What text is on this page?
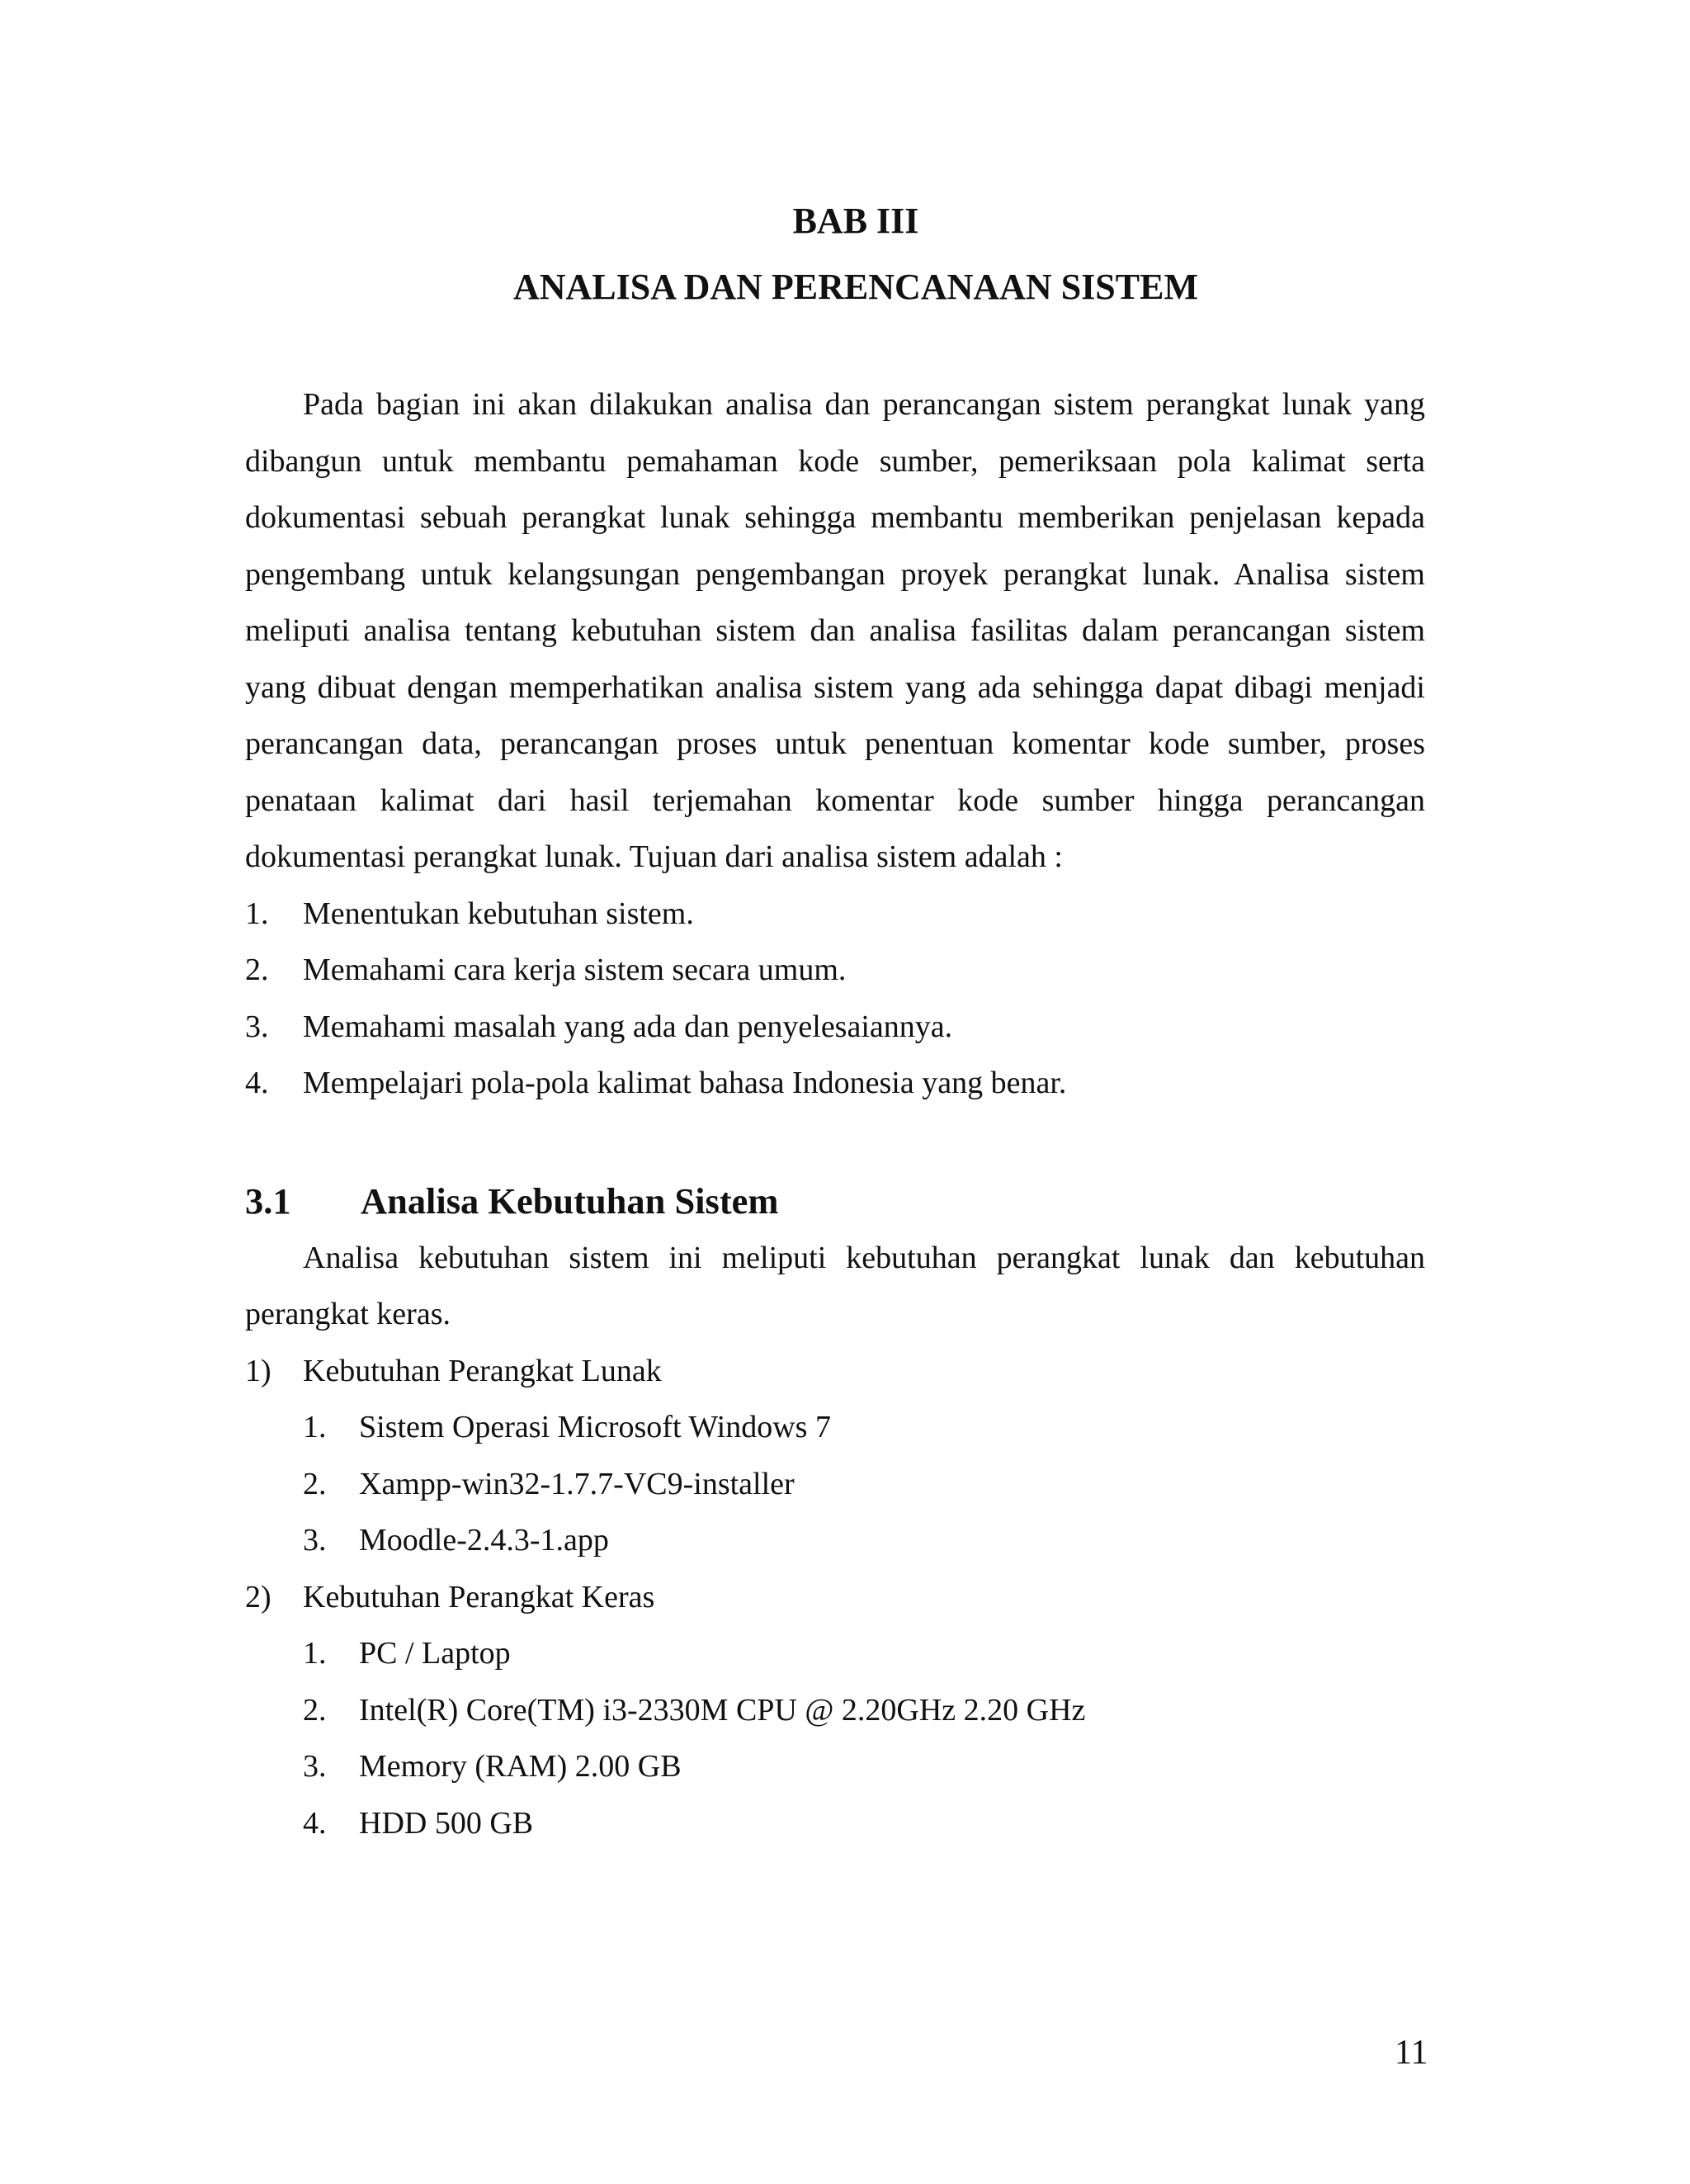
BAB III
ANALISA DAN PERENCANAAN SISTEM

Pada bagian ini akan dilakukan analisa dan perancangan sistem perangkat lunak yang dibangun untuk membantu pemahaman kode sumber, pemeriksaan pola kalimat serta dokumentasi sebuah perangkat lunak sehingga membantu memberikan penjelasan kepada pengembang untuk kelangsungan pengembangan proyek perangkat lunak. Analisa sistem meliputi analisa tentang kebutuhan sistem dan analisa fasilitas dalam perancangan sistem yang dibuat dengan memperhatikan analisa sistem yang ada sehingga dapat dibagi menjadi perancangan data, perancangan proses untuk penentuan komentar kode sumber, proses penataan kalimat dari hasil terjemahan komentar kode sumber hingga perancangan dokumentasi perangkat lunak. Tujuan dari analisa sistem adalah :

1. Menentukan kebutuhan sistem.
2. Memahami cara kerja sistem secara umum.
3. Memahami masalah yang ada dan penyelesaiannya.
4. Mempelajari pola-pola kalimat bahasa Indonesia yang benar.
3.1 Analisa Kebutuhan Sistem

Analisa kebutuhan sistem ini meliputi kebutuhan perangkat lunak dan kebutuhan perangkat keras.

1) Kebutuhan Perangkat Lunak
1. Sistem Operasi Microsoft Windows 7
2. Xampp-win32-1.7.7-VC9-installer
3. Moodle-2.4.3-1.app
2) Kebutuhan Perangkat Keras
1. PC / Laptop
2. Intel(R) Core(TM) i3-2330M CPU @ 2.20GHz 2.20 GHz
3. Memory (RAM) 2.00 GB
4. HDD 500 GB
11
